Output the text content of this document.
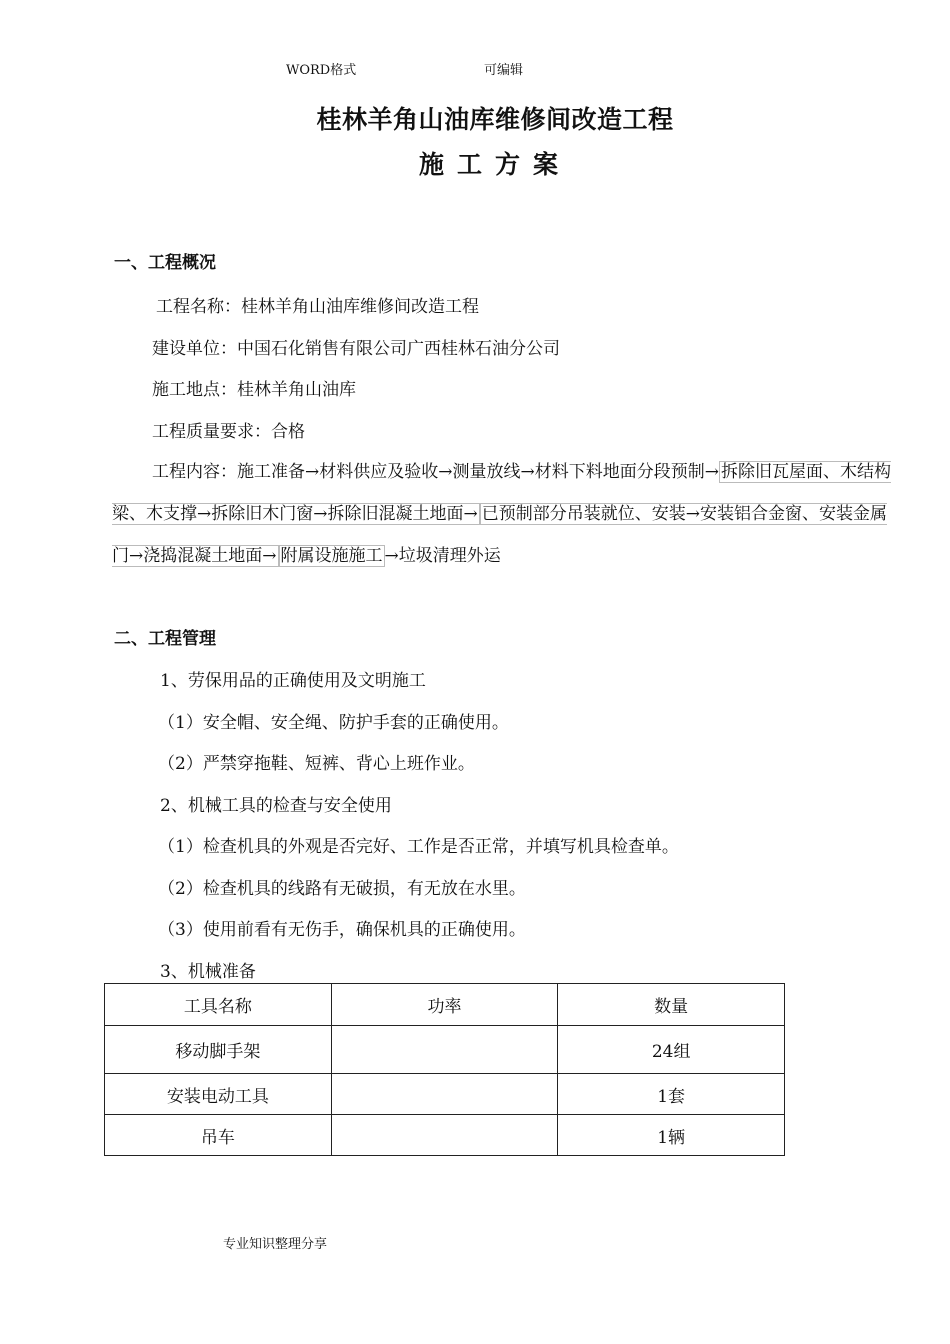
WORD格式	可编辑
桂林羊角山油库维修间改造工程
施工方案
一、工程概况
工程名称：桂林羊角山油库维修间改造工程
建设单位：中国石化销售有限公司广西桂林石油分公司
施工地点：桂林羊角山油库
工程质量要求：合格
工程内容：施工准备→材料供应及验收→测量放线→材料下料地面分段预制→ 拆除旧瓦屋面、木结构梁、木支撑→拆除旧木门窗→拆除旧混凝土地面→ 已预制部分吊装就位、安装→安装铝合金窗、安装金属门→浇捣混凝土地面→ 附属设施施工 →垃圾清理外运
二、工程管理
1、劳保用品的正确使用及文明施工
（1）安全帽、安全绳、防护手套的正确使用。
（2）严禁穿拖鞋、短裤、背心上班作业。
2、机械工具的检查与安全使用
（1）检查机具的外观是否完好、工作是否正常，并填写机具检查单。
（2）检查机具的线路有无破损，有无放在水里。
（3）使用前看有无伤手，确保机具的正确使用。
3、机械准备
工具名称	功率	数量
移动脚手架		24组
安装电动工具		1套
吊车		1辆
专业知识整理分享
